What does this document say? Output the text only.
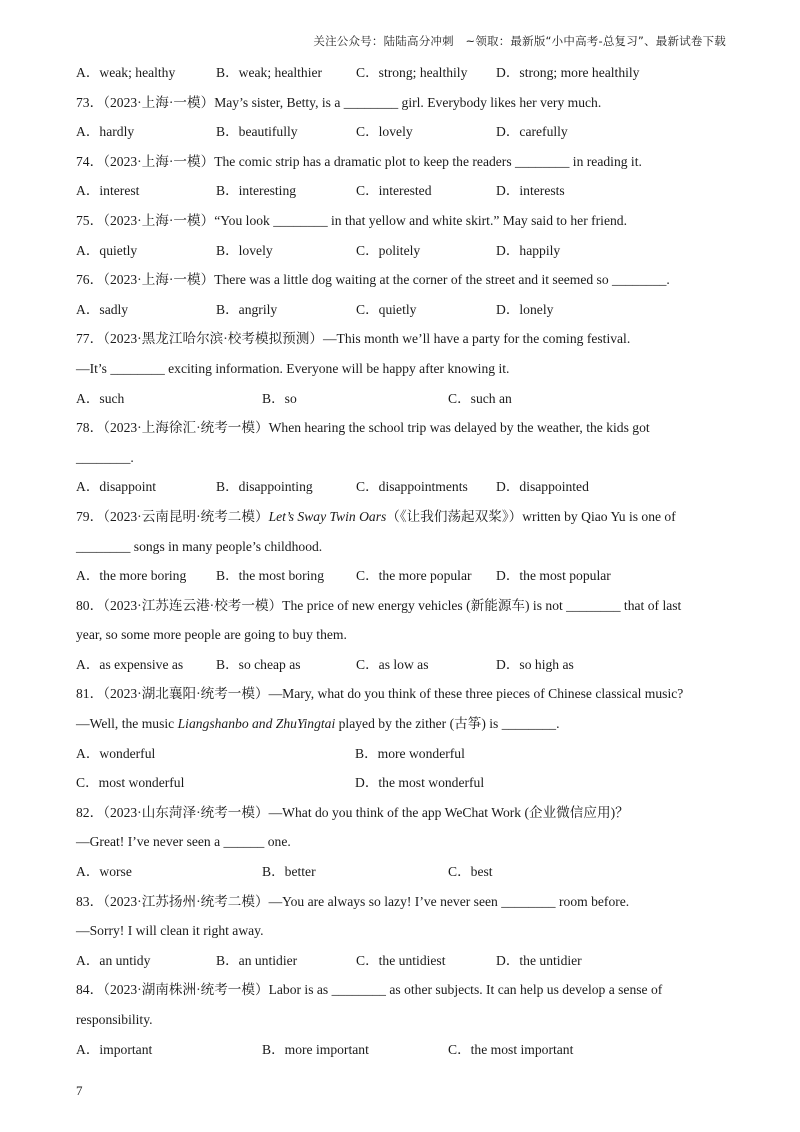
关注公众号：陆陆高分冲刺　~领取：最新版“小中高考-总复习”、最新试卷下载
A．weak; healthy	B．weak; healthier	C．strong; healthily	D．strong; more healthily
73．（2023·上海·一模）May’s sister, Betty, is a ________ girl. Everybody likes her very much.
A．hardly	B．beautifully	C．lovely	D．carefully
74．（2023·上海·一模）The comic strip has a dramatic plot to keep the readers ________ in reading it.
A．interest	B．interesting	C．interested	D．interests
75．（2023·上海·一模）“You look ________ in that yellow and white skirt.” May said to her friend.
A．quietly	B．lovely	C．politely	D．happily
76．（2023·上海·一模）There was a little dog waiting at the corner of the street and it seemed so ________.
A．sadly	B．angrily	C．quietly	D．lonely
77．（2023·黑龙江哈尔滨·校考模拟预测）—This month we’ll have a party for the coming festival.
—It’s ________ exciting information. Everyone will be happy after knowing it.
A．such	B．so	C．such an
78．（2023·上海徐汇·统考一模）When hearing the school trip was delayed by the weather, the kids got
________.
A．disappoint	B．disappointing	C．disappointments	D．disappointed
79．（2023·云南昆明·统考二模）Let’s Sway Twin Oars（《让我们荡起双桨》）written by Qiao Yu is one of
________ songs in many people’s childhood.
A．the more boring	B．the most boring	C．the more popular	D．the most popular
80．（2023·江苏连云港·校考一模）The price of new energy vehicles (新能源车) is not ________ that of last
year, so some more people are going to buy them.
A．as expensive as	B．so cheap as	C．as low as	D．so high as
81．（2023·湖北襄阳·统考一模）—Mary, what do you think of these three pieces of Chinese classical music?
—Well, the music Liangshanbo and ZhuYingtai played by the zither (古筝) is ________.
A．wonderful	B．more wonderful
C．most wonderful	D．the most wonderful
82．（2023·山东菏泽·统考一模）—What do you think of the app WeChat Work (企业微信应用)？
—Great! I’ve never seen a ______ one.
A．worse	B．better	C．best
83．（2023·江苏扬州·统考二模）—You are always so lazy! I’ve never seen ________ room before.
—Sorry! I will clean it right away.
A．an untidy	B．an untidier	C．the untidiest	D．the untidier
84．（2023·湖南株洲·统考一模）Labor is as ________ as other subjects. It can help us develop a sense of
responsibility.
A．important	B．more important	C．the most important
7
